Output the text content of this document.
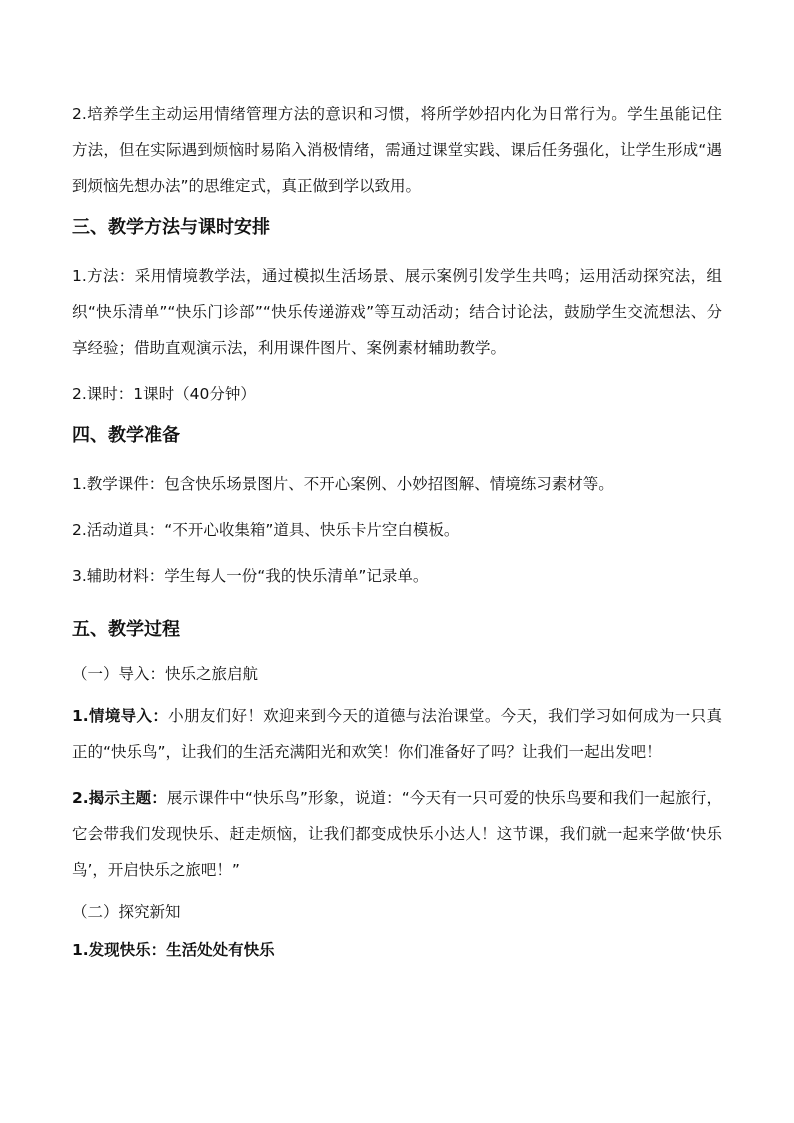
2.培养学生主动运用情绪管理方法的意识和习惯，将所学妙招内化为日常行为。学生虽能记住方法，但在实际遇到烦恼时易陷入消极情绪，需通过课堂实践、课后任务强化，让学生形成“遇到烦恼先想办法”的思维定式，真正做到学以致用。

三、教学方法与课时安排

1.方法：采用情境教学法，通过模拟生活场景、展示案例引发学生共鸣；运用活动探究法，组织“快乐清单”“快乐门诊部”“快乐传递游戏”等互动活动；结合讨论法，鼓励学生交流想法、分享经验；借助直观演示法，利用课件图片、案例素材辅助教学。

2.课时：1课时（40分钟）

四、教学准备

1.教学课件：包含快乐场景图片、不开心案例、小妙招图解、情境练习素材等。

2.活动道具：“不开心收集箱”道具、快乐卡片空白模板。

3.辅助材料：学生每人一份“我的快乐清单”记录单。

五、教学过程

（一）导入：快乐之旅启航

1.情境导入：小朋友们好！欢迎来到今天的道德与法治课堂。今天，我们学习如何成为一只真正的“快乐鸟”，让我们的生活充满阳光和欢笑！你们准备好了吗？让我们一起出发吧！

2.揭示主题：展示课件中“快乐鸟”形象，说道：“今天有一只可爱的快乐鸟要和我们一起旅行，它会带我们发现快乐、赶走烦恼，让我们都变成快乐小达人！这节课，我们就一起来学做‘快乐鸟’，开启快乐之旅吧！”

（二）探究新知

1.发现快乐：生活处处有快乐
